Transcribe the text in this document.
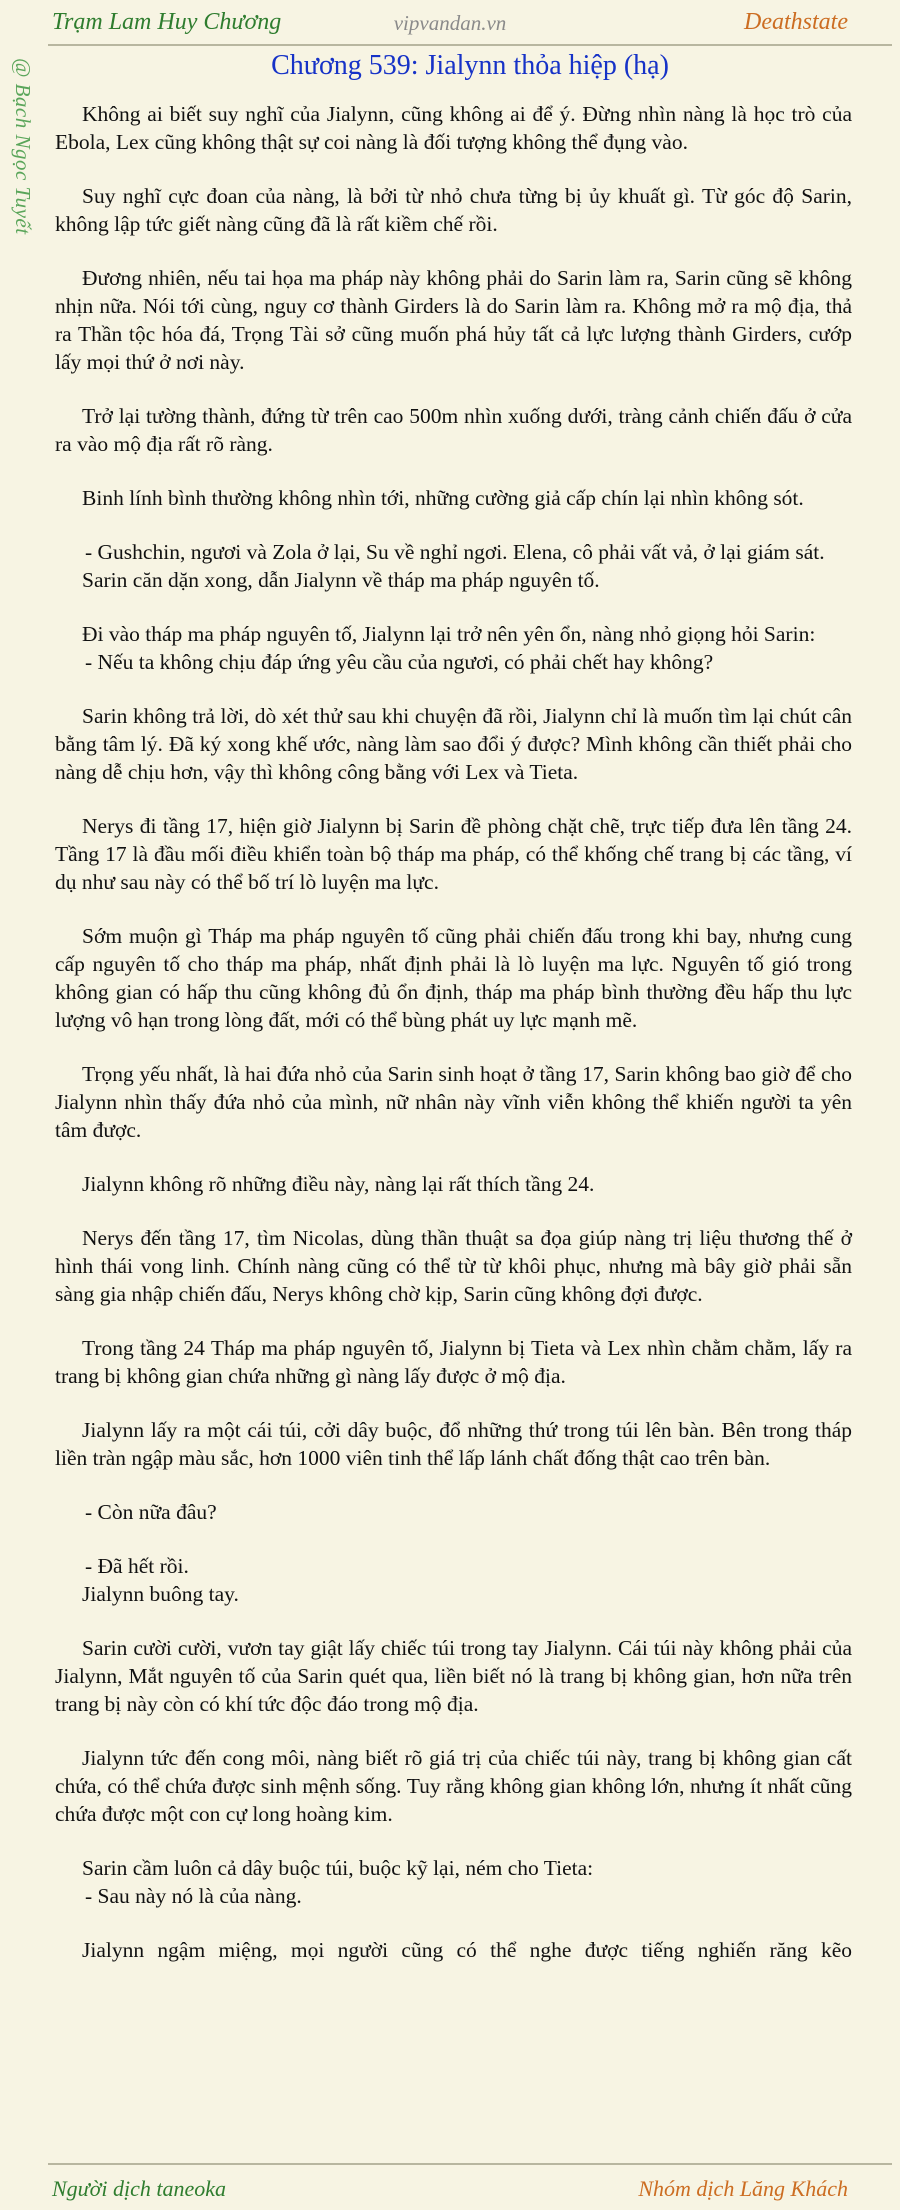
Trạm Lam Huy Chương	vipvandan.vn	Deathstate
@ Bạch Ngọc Tuyết	Chương 539: Jialynn thỏa hiệp (hạ)

Không ai biết suy nghĩ của Jialynn, cũng không ai để ý. Đừng nhìn nàng là học trò của Ebola, Lex cũng không thật sự coi nàng là đối tượng không thể đụng vào.

Suy nghĩ cực đoan của nàng, là bởi từ nhỏ chưa từng bị ủy khuất gì. Từ góc độ Sarin, không lập tức giết nàng cũng đã là rất kiềm chế rồi.

Đương nhiên, nếu tai họa ma pháp này không phải do Sarin làm ra, Sarin cũng sẽ không nhịn nữa. Nói tới cùng, nguy cơ thành Girders là do Sarin làm ra. Không mở ra mộ địa, thả ra Thần tộc hóa đá, Trọng Tài sở cũng muốn phá hủy tất cả lực lượng thành Girders, cướp lấy mọi thứ ở nơi này.

Trở lại tường thành, đứng từ trên cao 500m nhìn xuống dưới, tràng cảnh chiến đấu ở cửa ra vào mộ địa rất rõ ràng.

Binh lính bình thường không nhìn tới, những cường giả cấp chín lại nhìn không sót.

- Gushchin, ngươi và Zola ở lại, Su về nghỉ ngơi. Elena, cô phải vất vả, ở lại giám sát.

Sarin căn dặn xong, dẫn Jialynn về tháp ma pháp nguyên tố.

Đi vào tháp ma pháp nguyên tố, Jialynn lại trở nên yên ổn, nàng nhỏ giọng hỏi Sarin:

- Nếu ta không chịu đáp ứng yêu cầu của ngươi, có phải chết hay không?

Sarin không trả lời, dò xét thử sau khi chuyện đã rồi, Jialynn chỉ là muốn tìm lại chút cân bằng tâm lý. Đã ký xong khế ước, nàng làm sao đổi ý được? Mình không cần thiết phải cho nàng dễ chịu hơn, vậy thì không công bằng với Lex và Tieta.

Nerys đi tầng 17, hiện giờ Jialynn bị Sarin đề phòng chặt chẽ, trực tiếp đưa lên tầng 24. Tầng 17 là đầu mối điều khiển toàn bộ tháp ma pháp, có thể khống chế trang bị các tầng, ví dụ như sau này có thể bố trí lò luyện ma lực.

Sớm muộn gì Tháp ma pháp nguyên tố cũng phải chiến đấu trong khi bay, nhưng cung cấp nguyên tố cho tháp ma pháp, nhất định phải là lò luyện ma lực. Nguyên tố gió trong không gian có hấp thu cũng không đủ ổn định, tháp ma pháp bình thường đều hấp thu lực lượng vô hạn trong lòng đất, mới có thể bùng phát uy lực mạnh mẽ.

Trọng yếu nhất, là hai đứa nhỏ của Sarin sinh hoạt ở tầng 17, Sarin không bao giờ để cho Jialynn nhìn thấy đứa nhỏ của mình, nữ nhân này vĩnh viễn không thể khiến người ta yên tâm được.

Jialynn không rõ những điều này, nàng lại rất thích tầng 24.

Nerys đến tầng 17, tìm Nicolas, dùng thần thuật sa đọa giúp nàng trị liệu thương thế ở hình thái vong linh. Chính nàng cũng có thể từ từ khôi phục, nhưng mà bây giờ phải sẵn sàng gia nhập chiến đấu, Nerys không chờ kịp, Sarin cũng không đợi được.

Trong tầng 24 Tháp ma pháp nguyên tố, Jialynn bị Tieta và Lex nhìn chằm chằm, lấy ra trang bị không gian chứa những gì nàng lấy được ở mộ địa.

Jialynn lấy ra một cái túi, cởi dây buộc, đổ những thứ trong túi lên bàn. Bên trong tháp liền tràn ngập màu sắc, hơn 1000 viên tinh thể lấp lánh chất đống thật cao trên bàn.

- Còn nữa đâu?

- Đã hết rồi.

Jialynn buông tay.

Sarin cười cười, vươn tay giật lấy chiếc túi trong tay Jialynn. Cái túi này không phải của Jialynn, Mắt nguyên tố của Sarin quét qua, liền biết nó là trang bị không gian, hơn nữa trên trang bị này còn có khí tức độc đáo trong mộ địa.

Jialynn tức đến cong môi, nàng biết rõ giá trị của chiếc túi này, trang bị không gian cất chứa, có thể chứa được sinh mệnh sống. Tuy rằng không gian không lớn, nhưng ít nhất cũng chứa được một con cự long hoàng kim.

Sarin cầm luôn cả dây buộc túi, buộc kỹ lại, ném cho Tieta:

- Sau này nó là của nàng.

Jialynn ngậm miệng, mọi người cũng có thể nghe được tiếng nghiến răng kẽo

Người dịch taneoka	Nhóm dịch Lăng Khách
